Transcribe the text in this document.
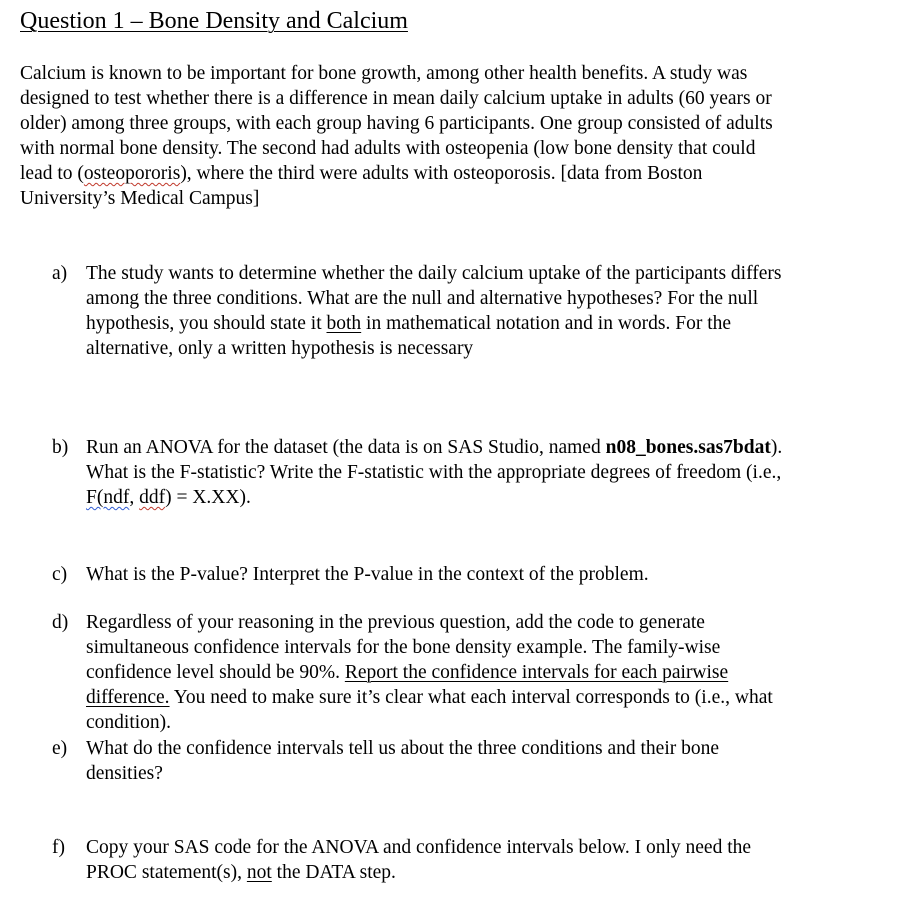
Question 1 – Bone Density and Calcium
Calcium is known to be important for bone growth, among other health benefits. A study was
designed to test whether there is a difference in mean daily calcium uptake in adults (60 years or
older) among three groups, with each group having 6 participants. One group consisted of adults
with normal bone density. The second had adults with osteopenia (low bone density that could
lead to (osteopororis), where the third were adults with osteoporosis. [data from Boston
University’s Medical Campus]
a) The study wants to determine whether the daily calcium uptake of the participants differs
among the three conditions. What are the null and alternative hypotheses? For the null
hypothesis, you should state it both in mathematical notation and in words. For the
alternative, only a written hypothesis is necessary
b) Run an ANOVA for the dataset (the data is on SAS Studio, named n08_bones.sas7bdat).
What is the F-statistic? Write the F-statistic with the appropriate degrees of freedom (i.e.,
F(ndf, ddf) = X.XX).
c) What is the P-value? Interpret the P-value in the context of the problem.
d) Regardless of your reasoning in the previous question, add the code to generate
simultaneous confidence intervals for the bone density example. The family-wise
confidence level should be 90%. Report the confidence intervals for each pairwise
difference. You need to make sure it’s clear what each interval corresponds to (i.e., what
condition).
e) What do the confidence intervals tell us about the three conditions and their bone
densities?
f) Copy your SAS code for the ANOVA and confidence intervals below. I only need the
PROC statement(s), not the DATA step.
